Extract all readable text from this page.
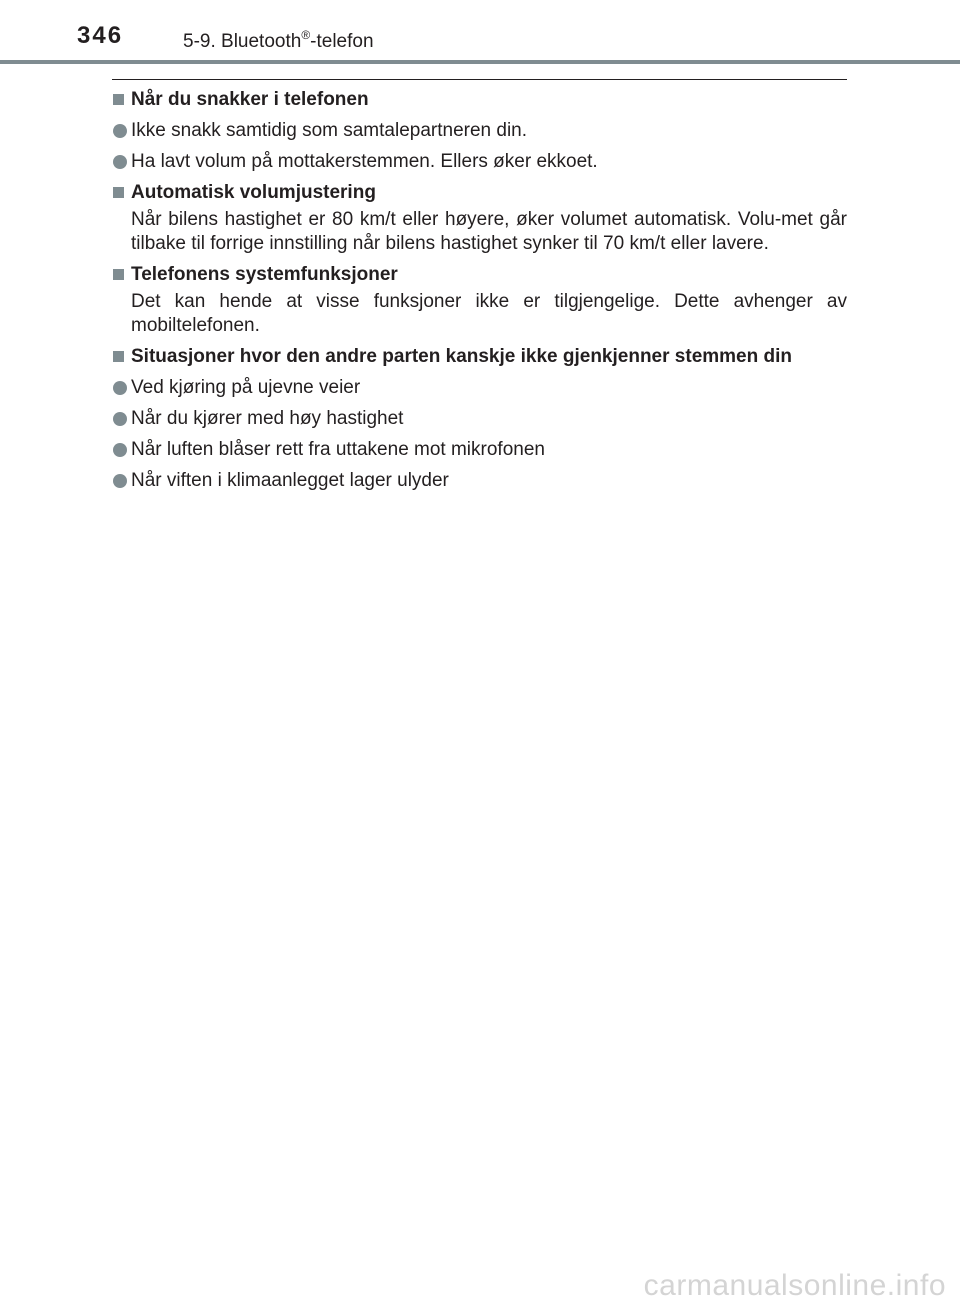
346	5-9. Bluetooth®-telefon
Når du snakker i telefonen
Ikke snakk samtidig som samtalepartneren din.
Ha lavt volum på mottakerstemmen. Ellers øker ekkoet.
Automatisk volumjustering
Når bilens hastighet er 80 km/t eller høyere, øker volumet automatisk. Volu-met går tilbake til forrige innstilling når bilens hastighet synker til 70 km/t eller lavere.
Telefonens systemfunksjoner
Det kan hende at visse funksjoner ikke er tilgjengelige. Dette avhenger av mobiltelefonen.
Situasjoner hvor den andre parten kanskje ikke gjenkjenner stemmen din
Ved kjøring på ujevne veier
Når du kjører med høy hastighet
Når luften blåser rett fra uttakene mot mikrofonen
Når viften i klimaanlegget lager ulyder
carmanualsonline.info
